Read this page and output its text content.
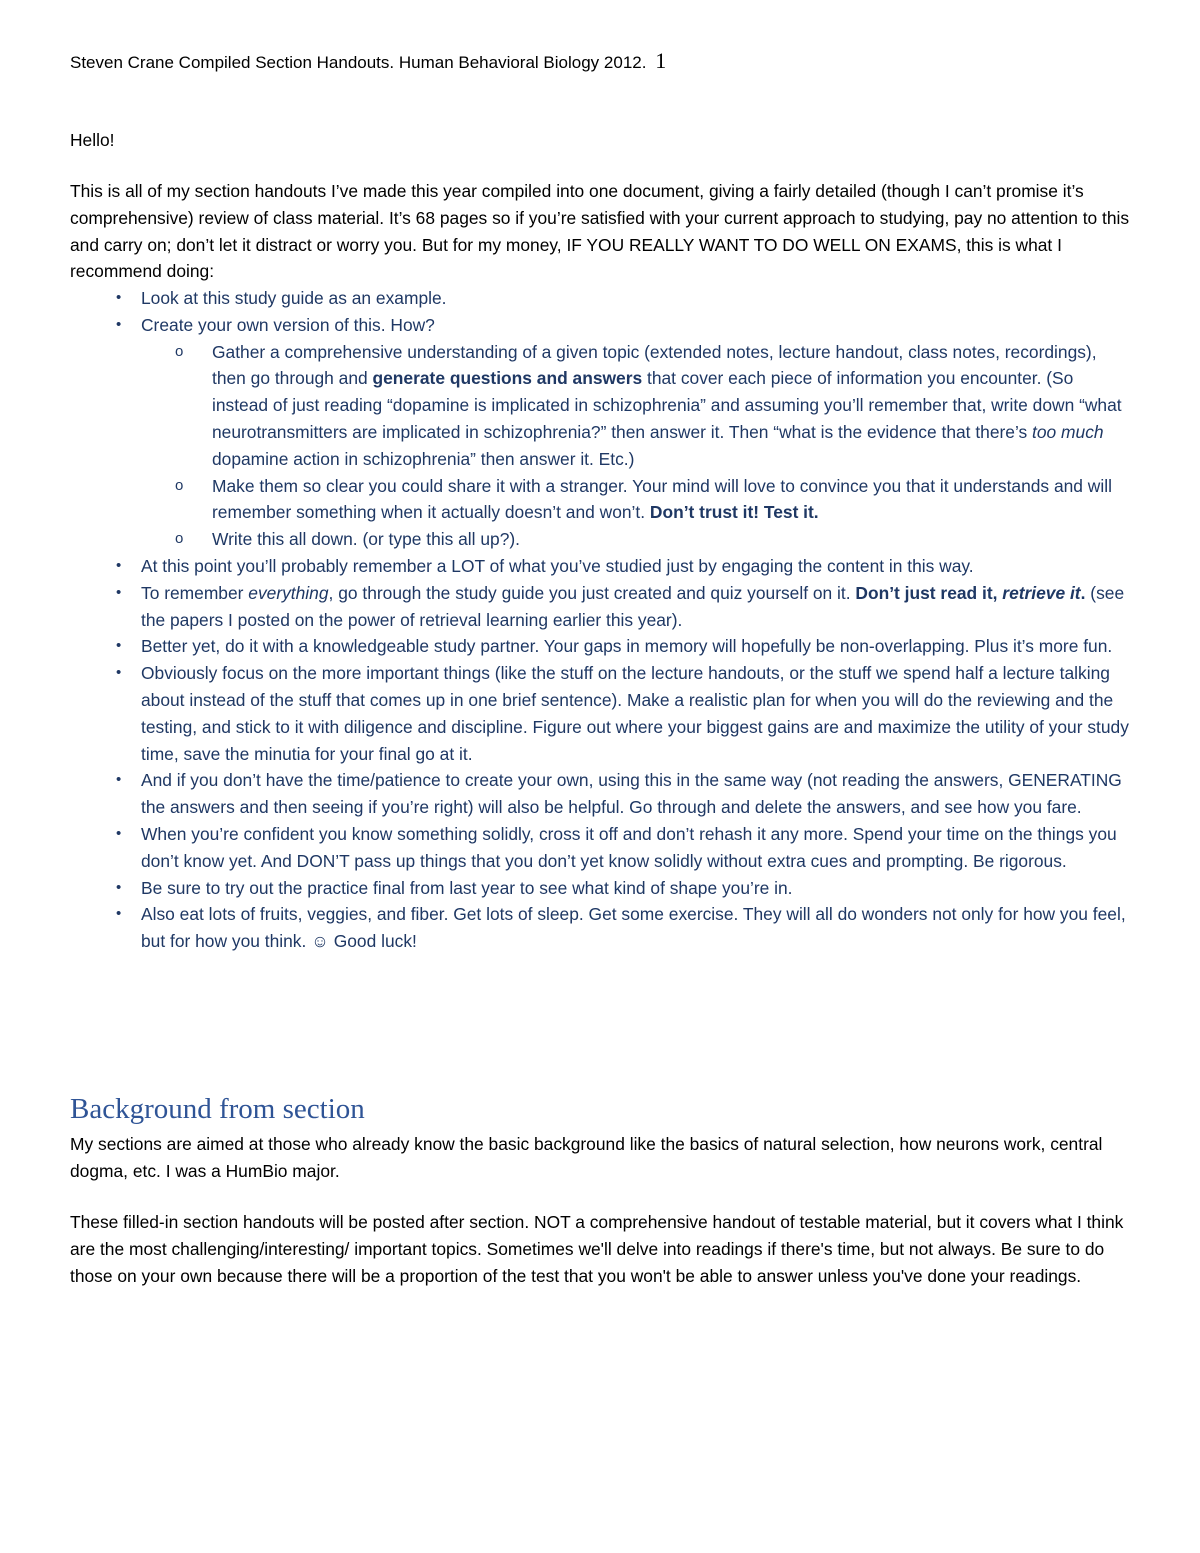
Steven Crane Compiled Section Handouts. Human Behavioral Biology 2012. 1
Hello!
This is all of my section handouts I’ve made this year compiled into one document, giving a fairly detailed (though I can’t promise it’s comprehensive) review of class material. It’s 68 pages so if you’re satisfied with your current approach to studying, pay no attention to this and carry on; don’t let it distract or worry you. But for my money, IF YOU REALLY WANT TO DO WELL ON EXAMS, this is what I recommend doing:
• Look at this study guide as an example.
• Create your own version of this. How?
o Gather a comprehensive understanding of a given topic (extended notes, lecture handout, class notes, recordings), then go through and generate questions and answers that cover each piece of information you encounter. (So instead of just reading “dopamine is implicated in schizophrenia” and assuming you’ll remember that, write down “what neurotransmitters are implicated in schizophrenia?” then answer it. Then “what is the evidence that there’s too much dopamine action in schizophrenia” then answer it. Etc.)
o Make them so clear you could share it with a stranger. Your mind will love to convince you that it understands and will remember something when it actually doesn’t and won’t. Don’t trust it! Test it.
o Write this all down. (or type this all up?).
• At this point you’ll probably remember a LOT of what you’ve studied just by engaging the content in this way.
• To remember everything, go through the study guide you just created and quiz yourself on it. Don’t just read it, retrieve it. (see the papers I posted on the power of retrieval learning earlier this year).
• Better yet, do it with a knowledgeable study partner. Your gaps in memory will hopefully be non-overlapping. Plus it’s more fun.
• Obviously focus on the more important things (like the stuff on the lecture handouts, or the stuff we spend half a lecture talking about instead of the stuff that comes up in one brief sentence). Make a realistic plan for when you will do the reviewing and the testing, and stick to it with diligence and discipline. Figure out where your biggest gains are and maximize the utility of your study time, save the minutia for your final go at it.
• And if you don’t have the time/patience to create your own, using this in the same way (not reading the answers, GENERATING the answers and then seeing if you’re right) will also be helpful. Go through and delete the answers, and see how you fare.
• When you’re confident you know something solidly, cross it off and don’t rehash it any more. Spend your time on the things you don’t know yet. And DON’T pass up things that you don’t yet know solidly without extra cues and prompting. Be rigorous.
• Be sure to try out the practice final from last year to see what kind of shape you’re in.
• Also eat lots of fruits, veggies, and fiber. Get lots of sleep. Get some exercise. They will all do wonders not only for how you feel, but for how you think. ☺ Good luck!
Background from section
My sections are aimed at those who already know the basic background like the basics of natural selection, how neurons work, central dogma, etc. I was a HumBio major.
These filled-in section handouts will be posted after section. NOT a comprehensive handout of testable material, but it covers what I think are the most challenging/interesting/ important topics. Sometimes we'll delve into readings if there's time, but not always. Be sure to do those on your own because there will be a proportion of the test that you won't be able to answer unless you've done your readings.
